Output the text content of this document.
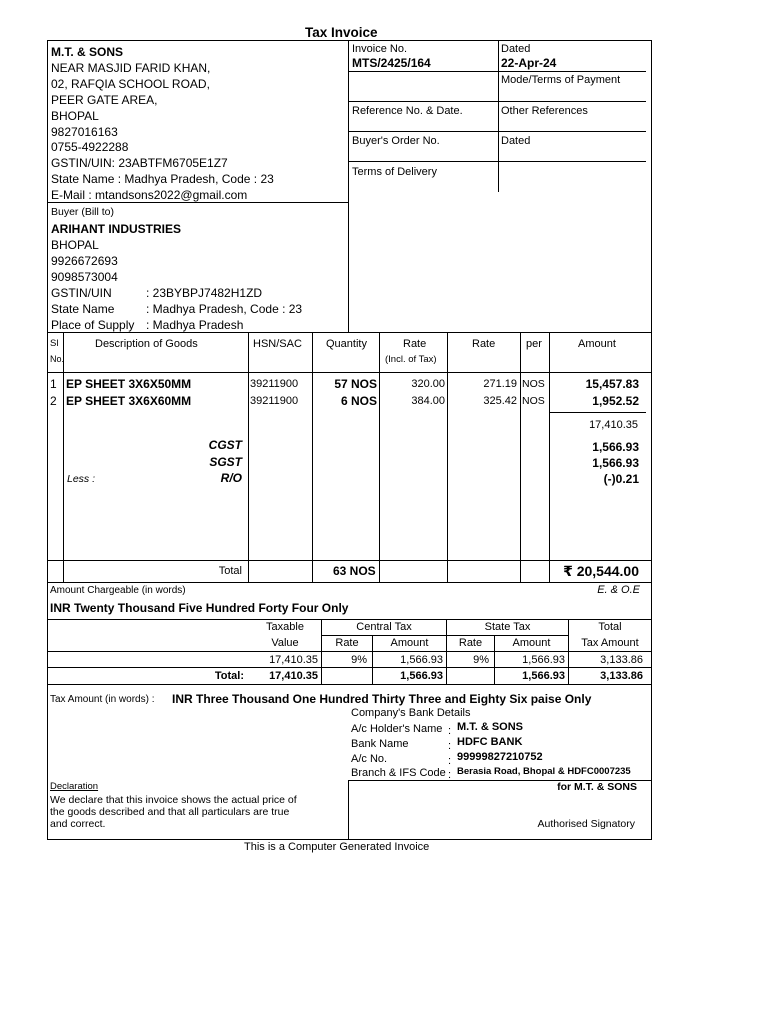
Tax Invoice
M.T. & SONS
NEAR MASJID FARID KHAN,
02, RAFQIA SCHOOL ROAD,
PEER GATE AREA,
BHOPAL
9827016163
0755-4922288
GSTIN/UIN: 23ABTFM6705E1Z7
State Name : Madhya Pradesh, Code : 23
E-Mail : mtandsons2022@gmail.com
Invoice No.
MTS/2425/164
Dated
22-Apr-24
Mode/Terms of Payment
Reference No. & Date.	Other References
Buyer's Order No.	Dated
Terms of Delivery
Buyer (Bill to)
ARIHANT INDUSTRIES
BHOPAL
9926672693
9098573004
GSTIN/UIN	: 23BYBPJ7482H1ZD
State Name	: Madhya Pradesh, Code : 23
Place of Supply : Madhya Pradesh
Sl
No.
Description of Goods	HSN/SAC Quantity	Rate
(Incl. of Tax)
Rate	per	Amount
1 EP SHEET 3X6X50MM	39211900	57 NOS	320.00	271.19 NOS	15,457.83
2 EP SHEET 3X6X60MM	39211900	6 NOS	384.00	325.42 NOS	1,952.52
17,410.35
CGST	1,566.93
SGST	1,566.93
Less :	R/O	(-)0.21
Total	63 NOS	₹ 20,544.00
Amount Chargeable (in words)	E. & O.E
INR Twenty Thousand Five Hundred Forty Four Only
Taxable
Value
Central Tax	State Tax	Total
Tax Amount
Rate	Amount	Rate	Amount
17,410.35	9%	1,566.93	9%	1,566.93	3,133.86
Total:	17,410.35	1,566.93	1,566.93	3,133.86
Tax Amount (in words) : INR Three Thousand One Hundred Thirty Three and Eighty Six paise Only
Company's Bank Details
A/c Holder's Name : M.T. & SONS
Bank Name	: HDFC BANK
A/c No.	: 99999827210752
Branch & IFS Code : Berasia Road, Bhopal & HDFC0007235
for M.T. & SONS
Authorised Signatory
Declaration
We declare that this invoice shows the actual price of
the goods described and that all particulars are true
and correct.
This is a Computer Generated Invoice
